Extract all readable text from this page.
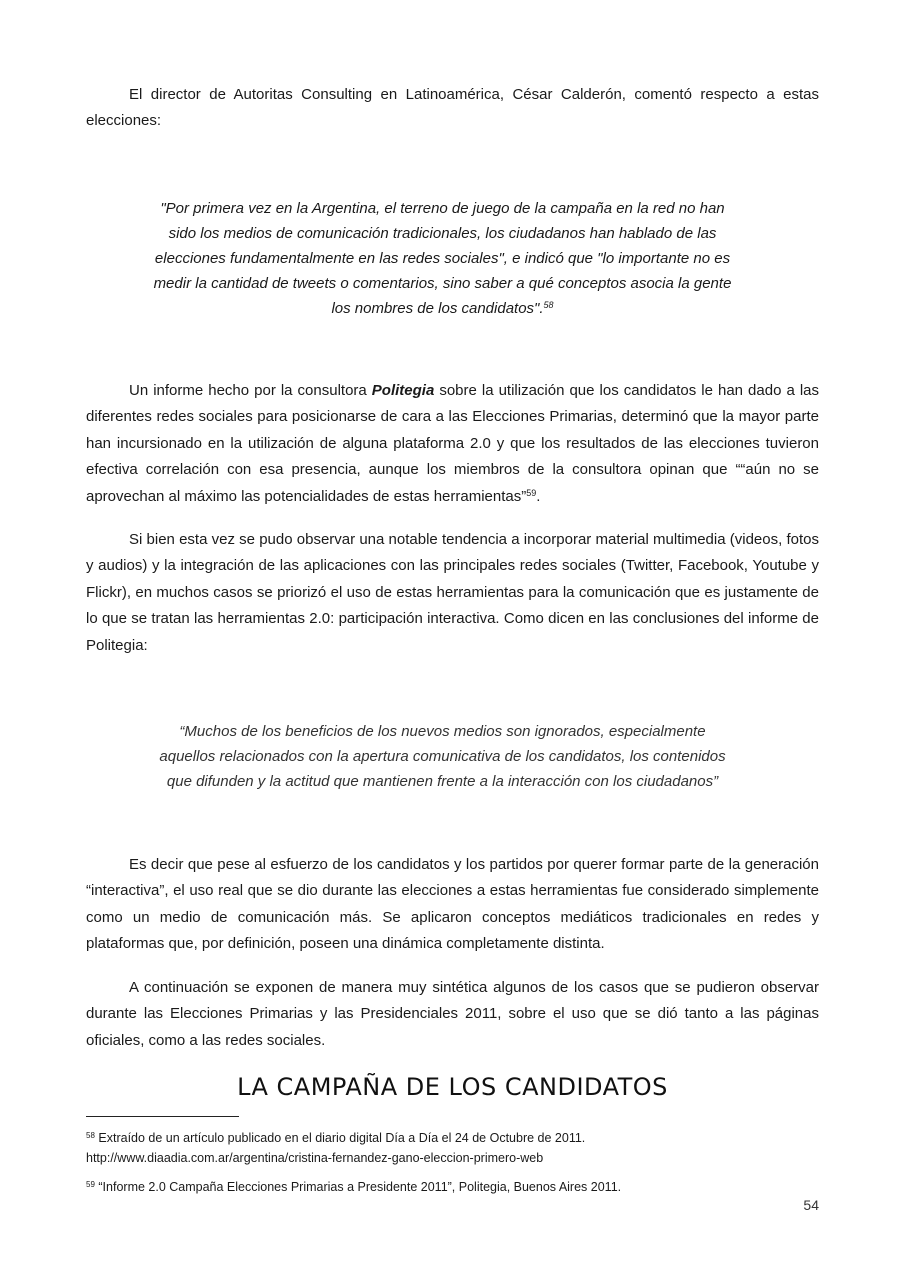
El director de Autoritas Consulting en Latinoamérica, César Calderón, comentó respecto a estas elecciones:

"Por primera vez en la Argentina, el terreno de juego de la campaña en la red no han sido los medios de comunicación tradicionales, los ciudadanos han hablado de las elecciones fundamentalmente en las redes sociales", e indicó que "lo importante no es medir la cantidad de tweets o comentarios, sino saber a qué conceptos asocia la gente los nombres de los candidatos".$^{58}$

Un informe hecho por la consultora Politegia sobre la utilización que los candidatos le han dado a las diferentes redes sociales para posicionarse de cara a las Elecciones Primarias, determinó que la mayor parte han incursionado en la utilización de alguna plataforma 2.0 y que los resultados de las elecciones tuvieron efectiva correlación con esa presencia, aunque los miembros de la consultora opinan que ““aún no se aprovechan al máximo las potencialidades de estas herramientas”$^{59}$.

Si bien esta vez se pudo observar una notable tendencia a incorporar material multimedia (videos, fotos y audios) y la integración de las aplicaciones con las principales redes sociales (Twitter, Facebook, Youtube y Flickr), en muchos casos se priorizó el uso de estas herramientas para la comunicación que es justamente de lo que se tratan las herramientas 2.0: participación interactiva. Como dicen en las conclusiones del informe de Politegia:

“Muchos de los beneficios de los nuevos medios son ignorados, especialmente aquellos relacionados con la apertura comunicativa de los candidatos, los contenidos que difunden y la actitud que mantienen frente a la interacción con los ciudadanos”

Es decir que pese al esfuerzo de los candidatos y los partidos por querer formar parte de la generación “interactiva”, el uso real que se dio durante las elecciones a estas herramientas fue considerado simplemente como un medio de comunicación más. Se aplicaron conceptos mediáticos tradicionales en redes y plataformas que, por definición, poseen una dinámica completamente distinta.

A continuación se exponen de manera muy sintética algunos de los casos que se pudieron observar durante las Elecciones Primarias y las Presidenciales 2011, sobre el uso que se dió tanto a las páginas oficiales, como a las redes sociales.

LA CAMPAÑA DE LOS CANDIDATOS

$^{58}$ Extraído de un artículo publicado en el diario digital Día a Día el 24 de Octubre de 2011. http://www.diaadia.com.ar/argentina/cristina-fernandez-gano-eleccion-primero-web

$^{59}$ “Informe 2.0 Campaña Elecciones Primarias a Presidente 2011”, Politegia, Buenos Aires 2011.

54
